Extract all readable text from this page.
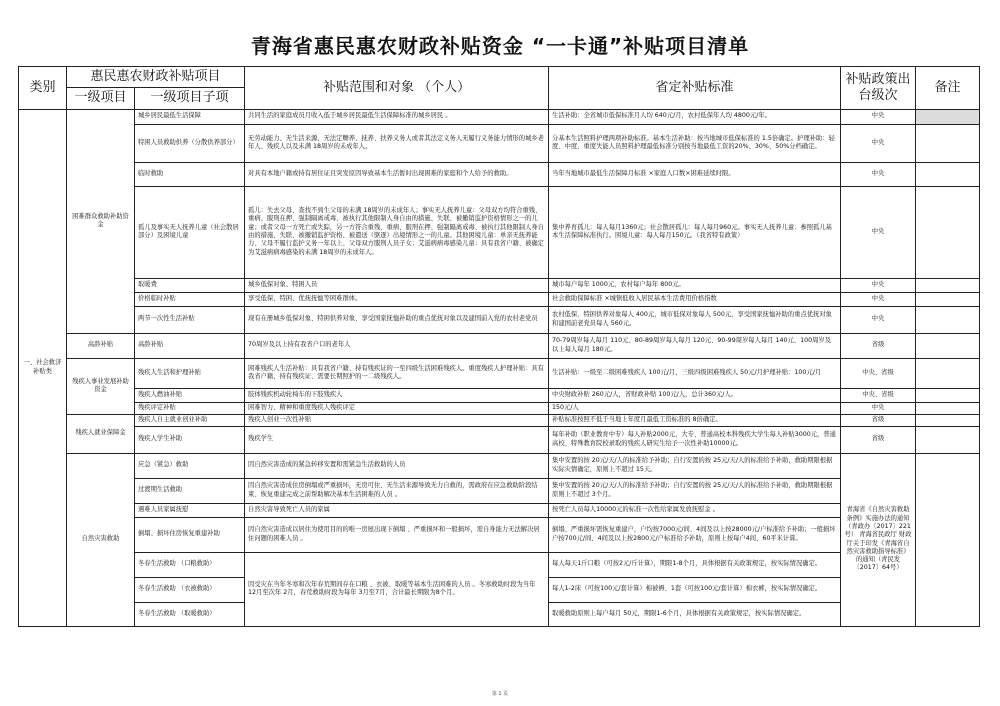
青海省惠民惠农财政补贴资金 “一卡通”补贴项目清单
类别	惠民惠农财政补贴项目		补贴范围和对象 （个人）	省定补贴标准	补贴政策出台级次	备注
	一级项目	一级项目子项				
一、社会救济补贴类	困难群众救助补助资金	城乡居民最低生活保障	共同生活的家庭成员月收入低于城乡居民最低生活保障标准的城乡居民 。	生活补助：全省城市低保标准月人均 640元/月，农村低保年人均 4800元/年。	中央	
		特困人员救助供养（分散供养部分）	无劳动能力、无生活来源，无法定赡养、抚养、扶养义务人或者其法定义务人无履行义务能力情形的城乡老年人、残疾人以及未满 18周岁的未成年人。	分基本生活照料护理两项补助标准。基本生活补助：按当地城市低保标准的 1.5倍确定。护理补助：轻度、中度、重度失能人员照料护理最低标准分别按当地最低工资的20%、30%、50%分档确定。	中央	
		临时救助	对具有本地户籍或持有居住证且突发原因导致基本生活暂时出现困难的家庭和个人给予的救助。	当年当地城市最低生活保障月标准 ×家庭人口数×困难延续时限。	中央	
		孤儿及事实无人抚养儿童（社会散居部分）及困境儿童	孤儿：失去父母、查找不到生父母的未满 18周岁的未成年人；事实无人抚养儿童：父母双方均符合重残、重病、服刑在押、强制隔离戒毒、被执行其他限制人身自由的措施、失联、被撤销监护资格情形之一的儿童；或者父母一方死亡或失踪，另一方符合重残、重病、服刑在押、强制隔离戒毒、被执行其他限制人身自由的措施、失联、被撤销监护资格、被遣送（驱逐）出境情形之一的儿童。其他困境儿童：单亲无抚养能力、父母不履行监护义务一年以上、父母双方服刑人员子女；艾滋病病毒感染儿童：具有我省户籍、被确定为艾滋病病毒感染的未满 18周岁的未成年人。	集中养育孤儿：每人每月1360元；社会散居孤儿：每人每月960元。事实无人抚养儿童：参照孤儿基本生活保障标准执行。困境儿童：每人每月150元。（我省特有政策）	中央	
		取暖费	城乡低保对象、特困人员	城市每户每年 1000元，农村每户每年 800元。	中央	
		价格临时补贴	享受低保、特困、优抚抚恤等困难群体。	社会救助保障标准 ×城镇低收入居民基本生活费用价格指数	中央	
		两节一次性生活补贴	现有在册城乡低保对象、特困供养对象、享受国家抚恤补助的重点优抚对象以及建国前入党的农村老党员	农村低保、特困供养对象每人 400元，城市低保对象每人 500元，享受国家抚恤补助的重点优抚对象和建国前老党员每人 560元。	中央	
	高龄补贴	高龄补贴	70周岁及以上持有我省户口的老年人	70-79周岁每人每月 110元、80-89周岁每人每月 120元、90-99周岁每人每月 140元、100周岁及以上每人每月 180元。	省级	
	残疾人事业发展补助资金	残疾人生活和护理补贴	困难残疾人生活补贴：具有我省户籍、持有残疾证的一至四级生活困难残疾人。重度残疾人护理补贴：具有我省户籍、持有残疾证、需要长期照护的一二级残疾人。	生活补贴：一级至二级困难残疾人 100元/月，三级四级困难残疾人 50元/月护理补贴：100元/月	中央、省级	
		残疾人燃油补贴	肢体残疾机动轮椅车的下肢残疾人	中央财政补贴 260元/人，省财政补贴 100元/人，总计360元/人。	中央、省级	
		残疾评定补贴	困难智力、精神和重度残疾人残疾评定	150元/人	中央	
	残疾人就业保障金	残疾人自主就业创业补助	残疾人创业一次性补贴	补贴标准按照不低于当地上年度月最低工资标准的 8倍确定。	省级	
		残疾人学生补助	残疾学生	每年补助（职业教育中专）每人补贴2000元，大专、普通高校本科残疾大学生每人补贴3000元，普通高校、特殊教育院校录取的残疾人研究生给予一次性补助10000元。	省级	
	自然灾害救助	应急（紧急）救助	因自然灾害造成的紧急转移安置和需紧急生活救助的人员	集中安置的按 20元/天/人的标准给予补助；自行安置的按 25元/天/人的标准给予补助，救助期限根据实际灾情确定，原则上不超过 15天。	青海省《自然灾害救助条例》实施办法的通知（青政办〔2017〕221号） 青海省民政厅 财政厅关于印发《青海省自然灾害救助指导标准》的通知（青民发〔2017〕64号）	
		过渡期生活救助	因自然灾害造成住房倒塌或严重损坏，无房可住、无生活来源导致无力自救的，需政府在应急救助阶段结束、恢复重建完成之前帮助解决基本生活困难的人员 。	集中安置的按 20元/天/人的标准给予补助；自行安置的按 25元/天/人的标准给予补助，救助期限根据原则上不超过 3个月。		
		遇难人员家属抚慰	自然灾害导致死亡人员的家属	按死亡人员每人10000元的标准一次性给家属发放抚慰金 。		
		倒塌、损坏住房恢复重建补助	因自然灾害造成以居住为使用目的的唯一房屋出现下倒塌 、严重损坏和一般损坏，需自身能力无法解决居住问题的困难人员 。	倒塌、严重损坏需恢复重建户，户均按7000元/间、4间及以上按28000元/户标准给予补助；一般损坏户按700元/间、4间及以上按2800元/户标准给予补助，原则上按每户4间、60平米计算。		
		冬春生活救助 （口粮救助）	因受灾在当年冬寒和次年春荒期间存在口粮 、衣被、取暖等基本生活困难的人员 。冬寒救助时段为当年 12月至次年 2月，春荒救助时段为每年 3月至7月，合计最长期限为8个月。	每人每天1斤口粮（可按2元/斤计算），期限1-8个月，具体根据有关政策规定，按实际情况确定。		
		冬春生活救助 （衣被救助）		每人1-2床（可按100元/套计算）棉被褥、1套（可按100元/套计算）棉衣裤，按实际情况确定。		
		冬春生活救助 （取暖救助）		取暖救助原则上每户每月 50元，期限1-6个月，具体根据有关政策规定，按实际情况确定。		
第 1 页
